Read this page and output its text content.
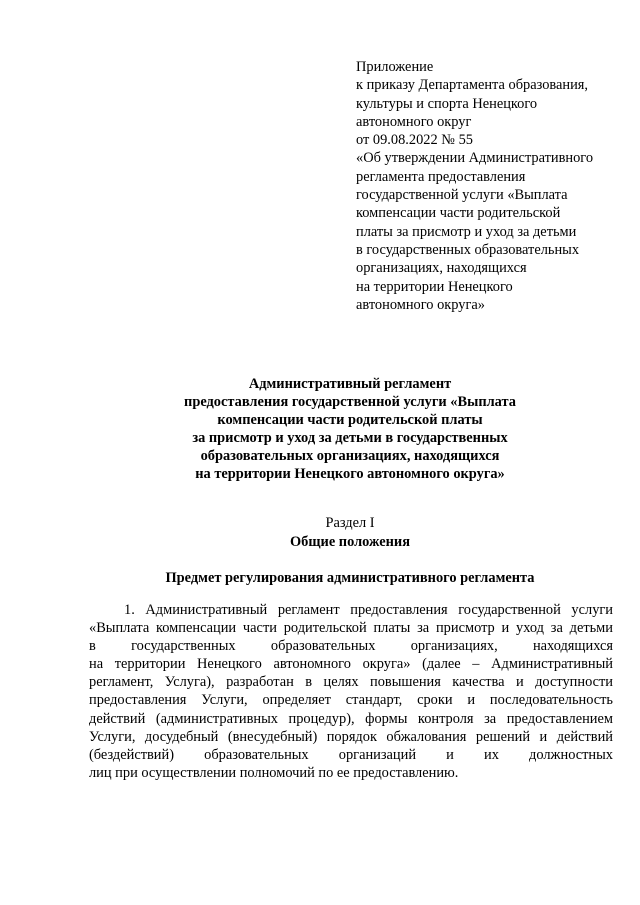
Приложение
к приказу Департамента образования,
культуры и спорта Ненецкого
автономного округ
от 09.08.2022 № 55
«Об утверждении Административного
регламента предоставления
государственной услуги «Выплата
компенсации части родительской
платы за присмотр и уход за детьми
в государственных образовательных
организациях, находящихся
на территории Ненецкого
автономного округа»
Административный регламент
предоставления государственной услуги «Выплата
компенсации части родительской платы
за присмотр и уход за детьми в государственных
образовательных организациях, находящихся
на территории Ненецкого автономного округа»
Раздел I
Общие положения
Предмет регулирования административного регламента
1. Административный регламент предоставления государственной услуги
«Выплата компенсации части родительской платы за присмотр и уход за детьми
в государственных образовательных организациях, находящихся
на территории Ненецкого автономного округа» (далее – Административный
регламент, Услуга), разработан в целях повышения качества и доступности
предоставления Услуги, определяет стандарт, сроки и последовательность
действий (административных процедур), формы контроля за предоставлением
Услуги, досудебный (внесудебный) порядок обжалования решений и действий
(бездействий) образовательных организаций и их должностных
лиц при осуществлении полномочий по ее предоставлению.
